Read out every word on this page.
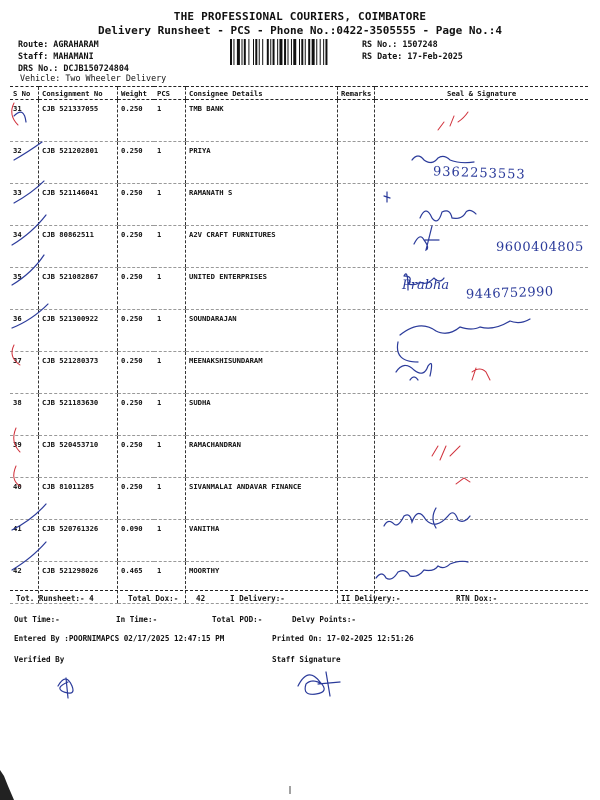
THE PROFESSIONAL COURIERS, COIMBATORE
Delivery Runsheet - PCS - Phone No.:0422-3505555 - Page No.:4
Route: AGRAHARAM
Staff: MAHAMANI
DRS No.: DCJB150724804
Vehicle: Two Wheeler Delivery
RS No.: 1507248
RS Date: 17-Feb-2025
S No	Consignment No	Weight	PCS	Consignee Details	Remarks	Seal & Signature
31	CJB 521337055	0.250	1	TMB BANK		
32	CJB 521202801	0.250	1	PRIYA		
33	CJB 521146041	0.250	1	RAMANATH S		
34	CJB 80862511	0.250	1	A2V CRAFT FURNITURES		
35	CJB 521082867	0.250	1	UNITED ENTERPRISES		
36	CJB 521300922	0.250	1	SOUNDARAJAN		
37	CJB 521280373	0.250	1	MEENAKSHISUNDARAM		
38	CJB 521183630	0.250	1	SUDHA		
39	CJB 520453710	0.250	1	RAMACHANDRAN		
40	CJB 81011285	0.250	1	SIVANMALAI ANDAVAR FINANCE		
41	CJB 520761326	0.090	1	VANITHA		
42	CJB 521298026	0.465	1	MOORTHY		
9362253553
9600404805
Prabha 9446752990
Tot. Runsheet:- 4	Total Dox:- 42	I Delivery:-	II Delivery:-	RTN Dox:-
Out Time:-	In Time:-	Total POD:-	Delvy Points:-
Entered By :POORNIMAPCS 02/17/2025 12:47:15 PM	Printed On: 17-02-2025 12:51:26
Verified By	Staff Signature
